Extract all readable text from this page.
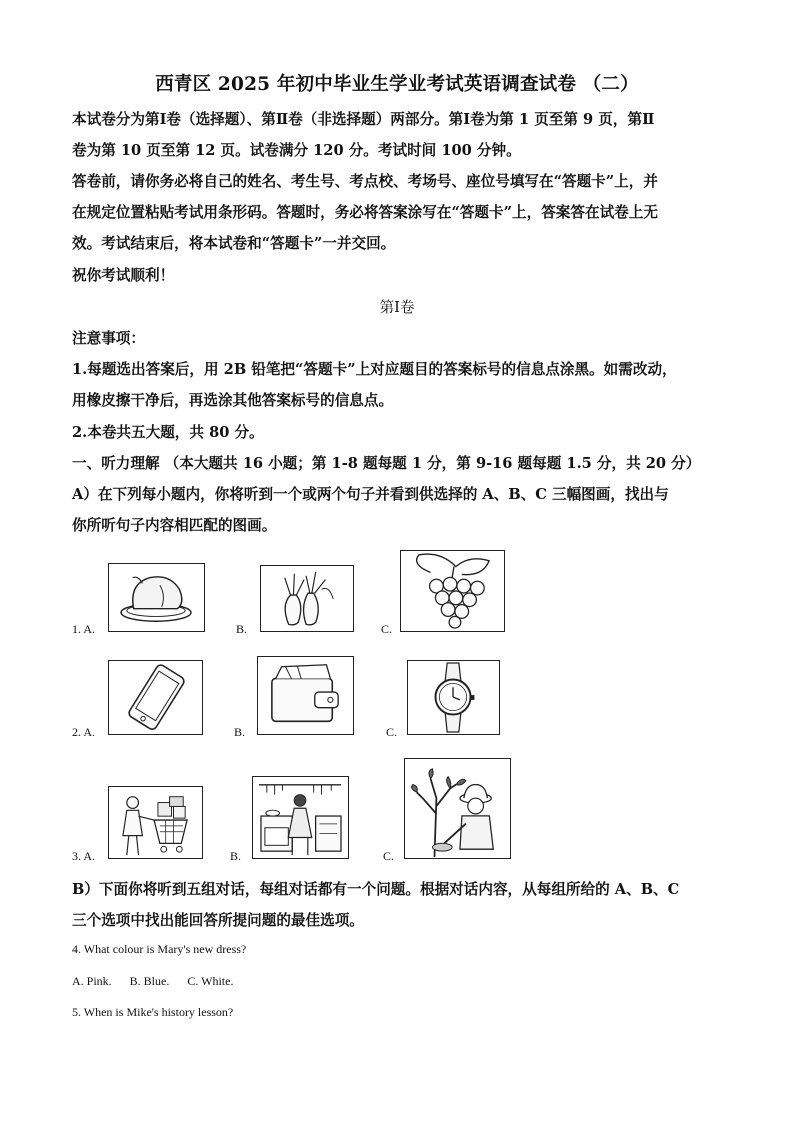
西青区 2025 年初中毕业生学业考试英语调查试卷 （二）
本试卷分为第Ⅰ卷（选择题）、第Ⅱ卷（非选择题）两部分。第Ⅰ卷为第 1 页至第 9 页，第Ⅱ
卷为第 10 页至第 12 页。试卷满分 120 分。考试时间 100 分钟。
答卷前，请你务必将自己的姓名、考生号、考点校、考场号、座位号填写在“答题卡”上，并
在规定位置粘贴考试用条形码。答题时，务必将答案涂写在“答题卡”上，答案答在试卷上无
效。考试结束后，将本试卷和“答题卡”一并交回。
祝你考试顺利！
第Ⅰ卷
注意事项：
1.每题选出答案后，用 2B 铅笔把“答题卡”上对应题目的答案标号的信息点涂黑。如需改动，
用橡皮擦干净后，再选涂其他答案标号的信息点。
2.本卷共五大题，共 80 分。
一、听力理解 （本大题共 16 小题；第 1-8 题每题 1 分，第 9-16 题每题 1.5 分，共 20 分）
A）在下列每小题内，你将听到一个或两个句子并看到供选择的 A、B、C 三幅图画，找出与
你所听句子内容相匹配的图画。
1. A.	B.	C.
2. A.	B.	C.
3. A.	B.	C.
B）下面你将听到五组对话，每组对话都有一个问题。根据对话内容，从每组所给的 A、B、C
三个选项中找出能回答所提问题的最佳选项。
4. What colour is Mary's new dress?
A. Pink.      B. Blue.      C. White.
5. When is Mike's history lesson?
